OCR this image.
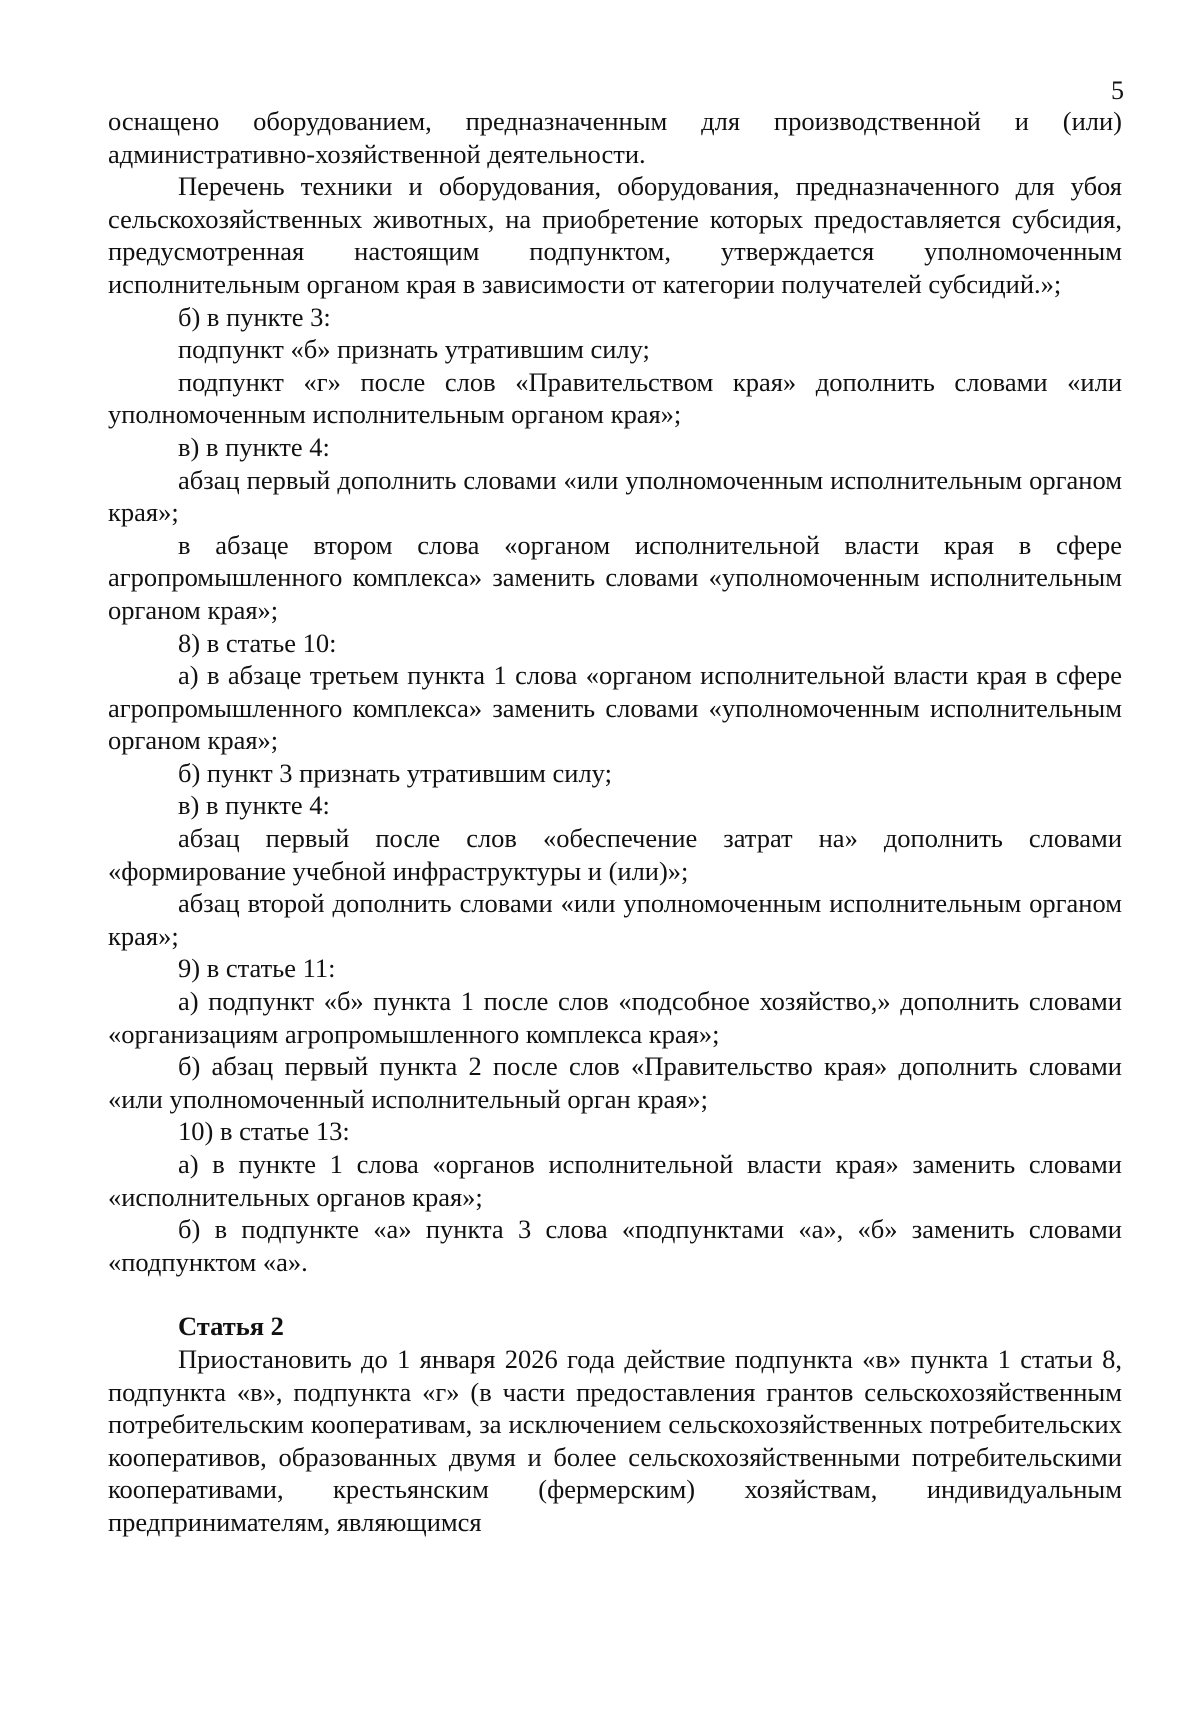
5

оснащено оборудованием, предназначенным для производственной и (или) административно-хозяйственной деятельности.

Перечень техники и оборудования, оборудования, предназначенного для убоя сельскохозяйственных животных, на приобретение которых предоставляется субсидия, предусмотренная настоящим подпунктом, утверждается уполномоченным исполнительным органом края в зависимости от категории получателей субсидий.»;

б) в пункте 3:

подпункт «б» признать утратившим силу;

подпункт «г» после слов «Правительством края» дополнить словами «или уполномоченным исполнительным органом края»;

в) в пункте 4:

абзац первый дополнить словами «или уполномоченным исполнительным органом края»;

в абзаце втором слова «органом исполнительной власти края в сфере агропромышленного комплекса» заменить словами «уполномоченным исполнительным органом края»;

8) в статье 10:

а) в абзаце третьем пункта 1 слова «органом исполнительной власти края в сфере агропромышленного комплекса» заменить словами «уполномоченным исполнительным органом края»;

б) пункт 3 признать утратившим силу;

в) в пункте 4:

абзац первый после слов «обеспечение затрат на» дополнить словами «формирование учебной инфраструктуры и (или)»;

абзац второй дополнить словами «или уполномоченным исполнительным органом края»;

9) в статье 11:

а) подпункт «б» пункта 1 после слов «подсобное хозяйство,» дополнить словами «организациям агропромышленного комплекса края»;

б) абзац первый пункта 2 после слов «Правительство края» дополнить словами «или уполномоченный исполнительный орган края»;

10) в статье 13:

а) в пункте 1 слова «органов исполнительной власти края» заменить словами «исполнительных органов края»;

б) в подпункте «а» пункта 3 слова «подпунктами «а», «б» заменить словами «подпунктом «а».

Статья 2

Приостановить до 1 января 2026 года действие подпункта «в» пункта 1 статьи 8, подпункта «в», подпункта «г» (в части предоставления грантов сельскохозяйственным потребительским кооперативам, за исключением сельскохозяйственных потребительских кооперативов, образованных двумя и более сельскохозяйственными потребительскими кооперативами, крестьянским (фермерским) хозяйствам, индивидуальным предпринимателям, являющимся
